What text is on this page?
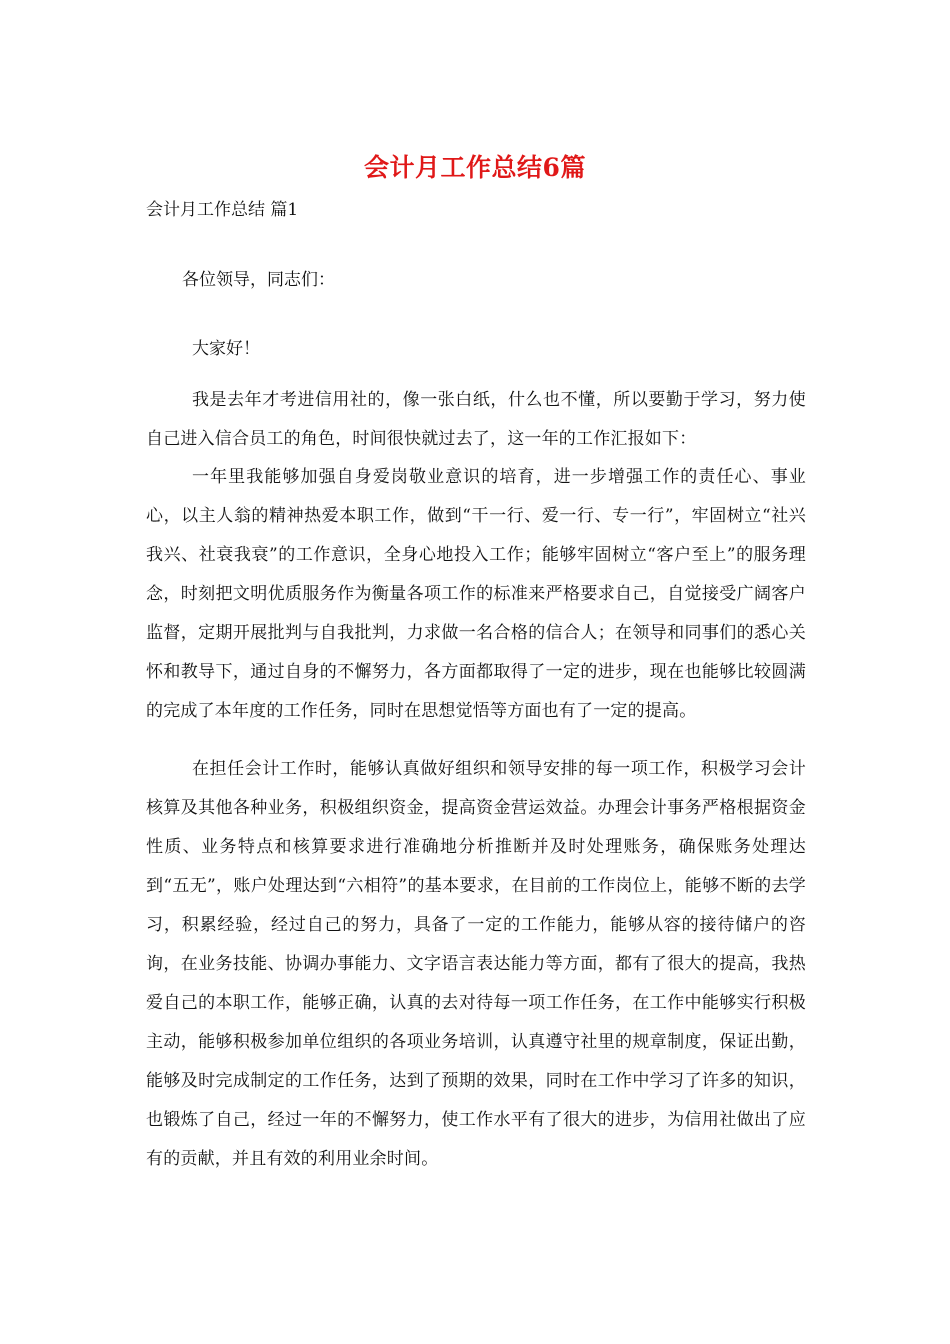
会计月工作总结6篇
会计月工作总结 篇1
各位领导，同志们：
大家好！

我是去年才考进信用社的，像一张白纸，什么也不懂，所以要勤于学习，努力使自己进入信合员工的角色，时间很快就过去了，这一年的工作汇报如下：

一年里我能够加强自身爱岗敬业意识的培育，进一步增强工作的责任心、事业心，以主人翁的精神热爱本职工作，做到“干一行、爱一行、专一行”，牢固树立“社兴我兴、社衰我衰”的工作意识，全身心地投入工作；能够牢固树立“客户至上”的服务理念，时刻把文明优质服务作为衡量各项工作的标准来严格要求自己，自觉接受广阔客户监督，定期开展批判与自我批判，力求做一名合格的信合人；在领导和同事们的悉心关怀和教导下，通过自身的不懈努力，各方面都取得了一定的进步，现在也能够比较圆满的完成了本年度的工作任务，同时在思想觉悟等方面也有了一定的提高。

在担任会计工作时，能够认真做好组织和领导安排的每一项工作，积极学习会计核算及其他各种业务，积极组织资金，提高资金营运效益。办理会计事务严格根据资金性质、业务特点和核算要求进行准确地分析推断并及时处理账务，确保账务处理达到“五无”，账户处理达到“六相符”的基本要求，在目前的工作岗位上，能够不断的去学习，积累经验，经过自己的努力，具备了一定的工作能力，能够从容的接待储户的咨询，在业务技能、协调办事能力、文字语言表达能力等方面，都有了很大的提高，我热爱自己的本职工作，能够正确，认真的去对待每一项工作任务，在工作中能够实行积极主动，能够积极参加单位组织的各项业务培训，认真遵守社里的规章制度，保证出勤，能够及时完成制定的工作任务，达到了预期的效果，同时在工作中学习了许多的知识，也锻炼了自己，经过一年的不懈努力，使工作水平有了很大的进步，为信用社做出了应有的贡献，并且有效的利用业余时间。
